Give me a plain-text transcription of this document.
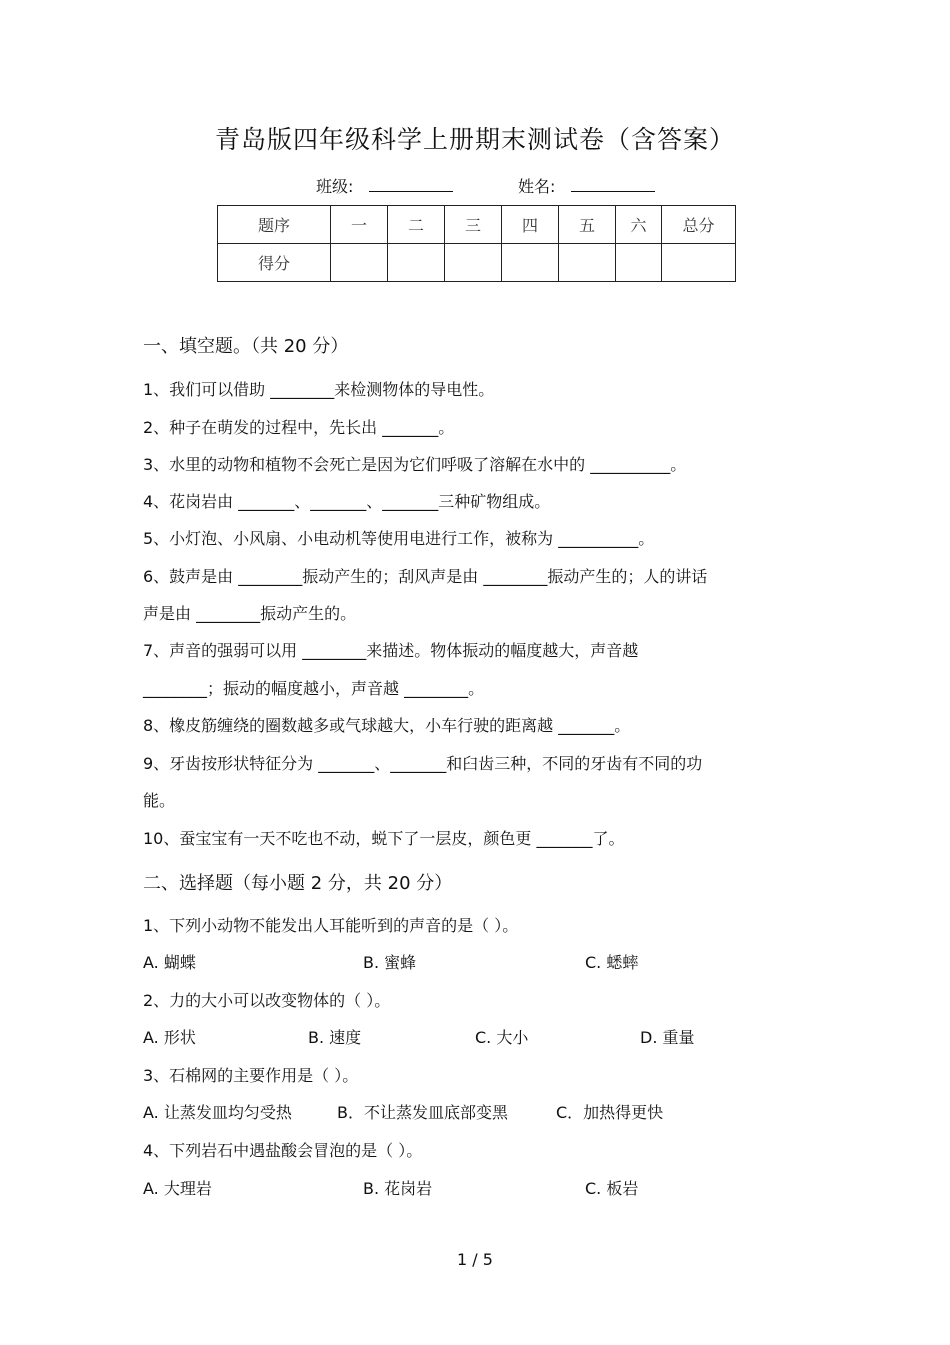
青岛版四年级科学上册期末测试卷（含答案）
班级:	姓名:
题序	一	二	三	四	五	六	总分
得分							
一、填空题。（共 20 分）
1、我们可以借助 ________来检测物体的导电性。
2、种子在萌发的过程中，先长出 _______。
3、水里的动物和植物不会死亡是因为它们呼吸了溶解在水中的 __________。
4、花岗岩由 _______、_______、_______三种矿物组成。
5、小灯泡、小风扇、小电动机等使用电进行工作，被称为 __________。
6、鼓声是由 ________振动产生的；刮风声是由 ________振动产生的；人的讲话
声是由 ________振动产生的。
7、声音的强弱可以用 ________来描述。物体振动的幅度越大，声音越
________；振动的幅度越小，声音越 ________。
8、橡皮筋缠绕的圈数越多或气球越大，小车行驶的距离越 _______。
9、牙齿按形状特征分为 _______、_______和臼齿三种，不同的牙齿有不同的功
能。
10、蚕宝宝有一天不吃也不动，蜕下了一层皮，颜色更 _______了。
二、选择题（每小题 2 分，共 20 分）
1、下列小动物不能发出人耳能听到的声音的是（ ）。
A. 蝴蝶	B. 蜜蜂	C. 蟋蟀
2、力的大小可以改变物体的（ ）。
A. 形状	B. 速度	C. 大小	D. 重量
3、石棉网的主要作用是（ ）。
A. 让蒸发皿均匀受热	B．不让蒸发皿底部变黑	C．加热得更快
4、下列岩石中遇盐酸会冒泡的是（ ）。
A. 大理岩	B. 花岗岩	C. 板岩
1 / 5
